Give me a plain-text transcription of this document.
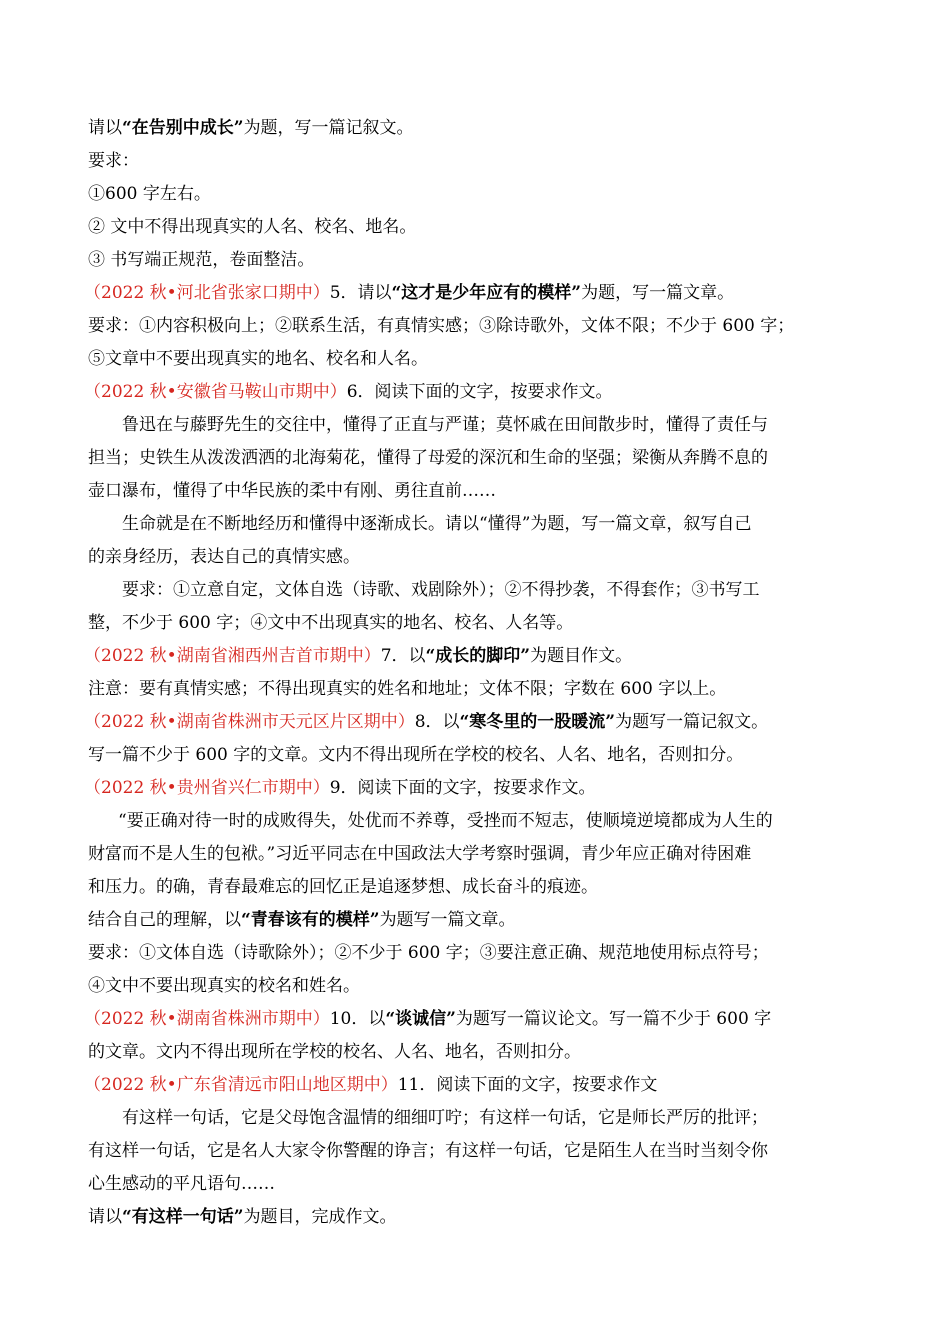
请以“在告别中成长”为题，写一篇记叙文。
要求：
①600 字左右。
② 文中不得出现真实的人名、校名、地名。
③ 书写端正规范，卷面整洁。
（2022 秋•河北省张家口期中）5．请以“这才是少年应有的模样”为题，写一篇文章。
要求：①内容积极向上；②联系生活，有真情实感；③除诗歌外，文体不限；不少于 600 字；
⑤文章中不要出现真实的地名、校名和人名。
（2022 秋•安徽省马鞍山市期中）6．阅读下面的文字，按要求作文。
鲁迅在与藤野先生的交往中，懂得了正直与严谨；莫怀戚在田间散步时，懂得了责任与
担当；史铁生从泼泼洒洒的北海菊花，懂得了母爱的深沉和生命的坚强；梁衡从奔腾不息的
壶口瀑布，懂得了中华民族的柔中有刚、勇往直前……
生命就是在不断地经历和懂得中逐渐成长。请以“懂得”为题，写一篇文章，叙写自己
的亲身经历，表达自己的真情实感。
要求：①立意自定，文体自选（诗歌、戏剧除外）；②不得抄袭，不得套作；③书写工
整，不少于 600 字；④文中不出现真实的地名、校名、人名等。
（2022 秋•湖南省湘西州吉首市期中）7．以“成长的脚印”为题目作文。
注意：要有真情实感；不得出现真实的姓名和地址；文体不限；字数在 600 字以上。
（2022 秋•湖南省株洲市天元区片区期中）8．以“寒冬里的一股暖流”为题写一篇记叙文。
写一篇不少于 600 字的文章。文内不得出现所在学校的校名、人名、地名，否则扣分。
（2022 秋•贵州省兴仁市期中）9．阅读下面的文字，按要求作文。
“要正确对待一时的成败得失，处优而不养尊，受挫而不短志，使顺境逆境都成为人生的
财富而不是人生的包袱。”习近平同志在中国政法大学考察时强调，青少年应正确对待困难
和压力。的确，青春最难忘的回忆正是追逐梦想、成长奋斗的痕迹。
结合自己的理解，以“青春该有的模样”为题写一篇文章。
要求：①文体自选（诗歌除外）；②不少于 600 字；③要注意正确、规范地使用标点符号；
④文中不要出现真实的校名和姓名。
（2022 秋•湖南省株洲市期中）10．以“谈诚信”为题写一篇议论文。写一篇不少于 600 字
的文章。文内不得出现所在学校的校名、人名、地名，否则扣分。
（2022 秋•广东省清远市阳山地区期中）11．阅读下面的文字，按要求作文
有这样一句话，它是父母饱含温情的细细叮咛；有这样一句话，它是师长严厉的批评；
有这样一句话，它是名人大家令你警醒的诤言；有这样一句话，它是陌生人在当时当刻令你
心生感动的平凡语句……
请以“有这样一句话”为题目，完成作文。
